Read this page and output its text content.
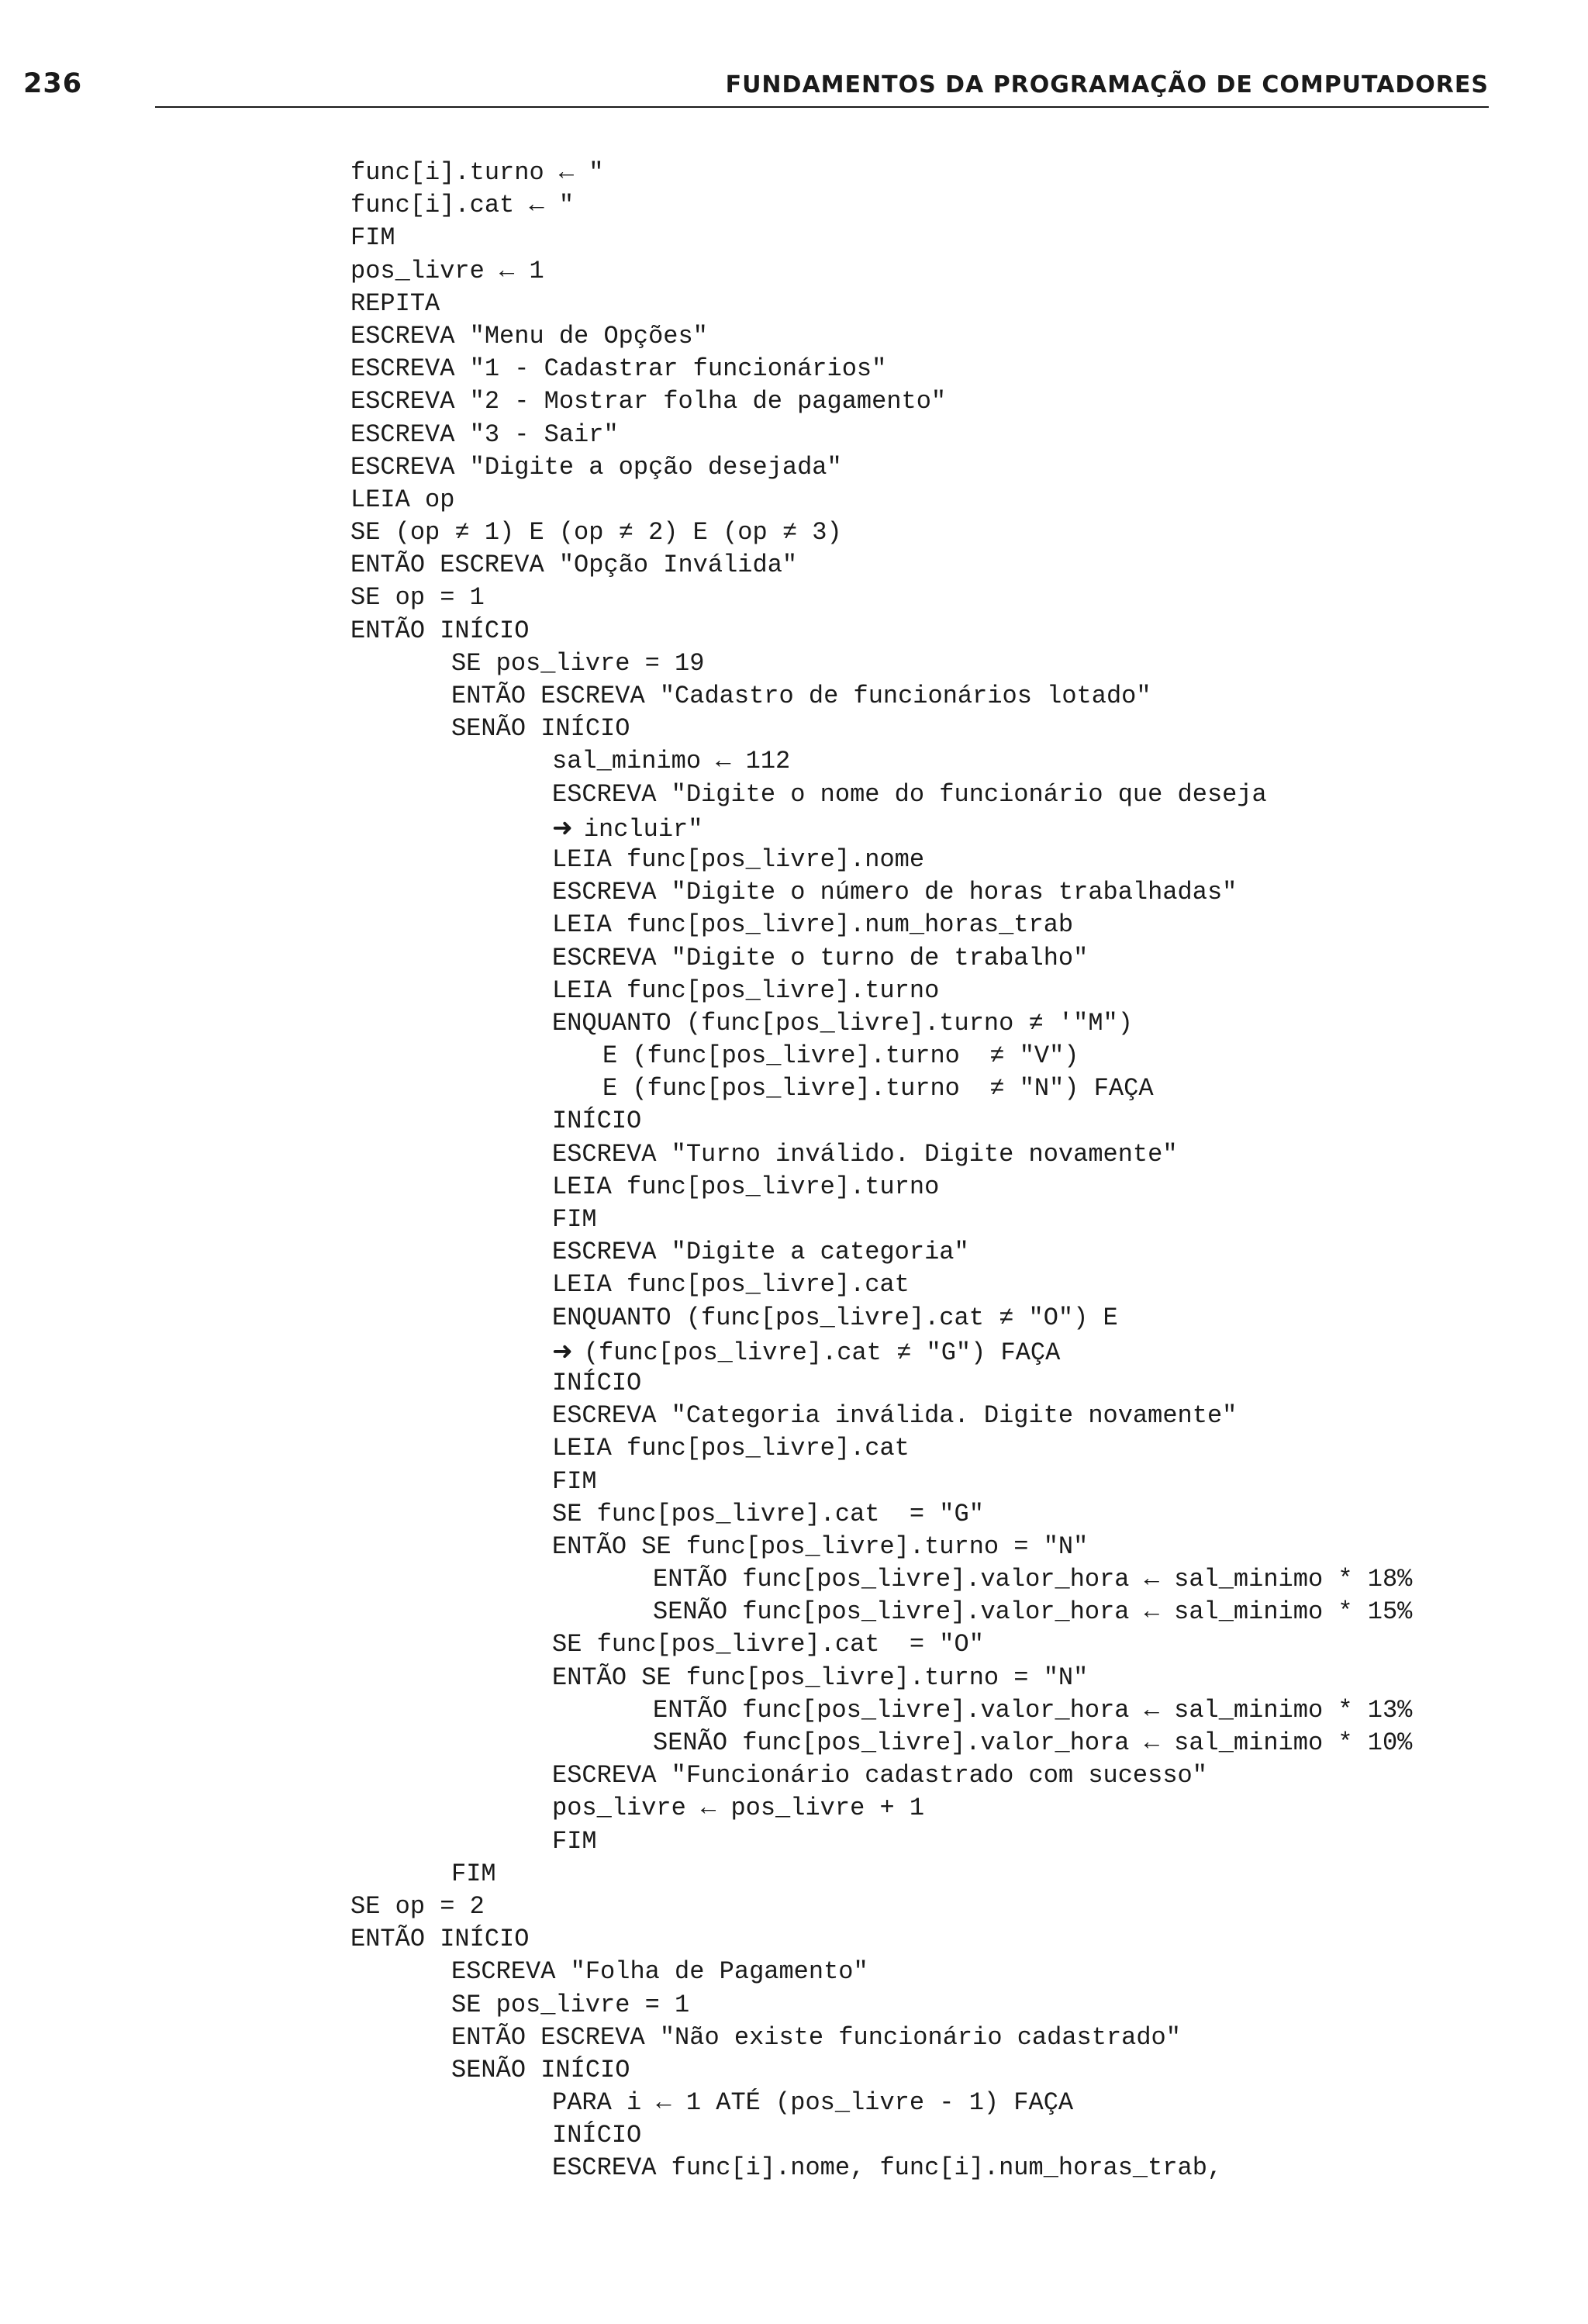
236	FUNDAMENTOS DA PROGRAMAÇÃO DE COMPUTADORES
func[i].turno ← "
func[i].cat ← "
FIM
pos_livre ← 1
REPITA
ESCREVA "Menu de Opções"
ESCREVA "1 - Cadastrar funcionários"
ESCREVA "2 - Mostrar folha de pagamento"
ESCREVA "3 - Sair"
ESCREVA "Digite a opção desejada"
LEIA op
SE (op ≠ 1) E (op ≠ 2) E (op ≠ 3)
ENTÃO ESCREVA "Opção Inválida"
SE op = 1
ENTÃO INÍCIO
SE pos_livre = 19
ENTÃO ESCREVA "Cadastro de funcionários lotado"
SENÃO INÍCIO
sal_minimo ← 112
ESCREVA "Digite o nome do funcionário que deseja
➜ incluir"
LEIA func[pos_livre].nome
ESCREVA "Digite o número de horas trabalhadas"
LEIA func[pos_livre].num_horas_trab
ESCREVA "Digite o turno de trabalho"
LEIA func[pos_livre].turno
ENQUANTO (func[pos_livre].turno ≠ '"M")
E (func[pos_livre].turno  ≠ "V")
E (func[pos_livre].turno  ≠ "N") FAÇA
INÍCIO
ESCREVA "Turno inválido. Digite novamente"
LEIA func[pos_livre].turno
FIM
ESCREVA "Digite a categoria"
LEIA func[pos_livre].cat
ENQUANTO (func[pos_livre].cat ≠ "O") E
➜ (func[pos_livre].cat ≠ "G") FAÇA
INÍCIO
ESCREVA "Categoria inválida. Digite novamente"
LEIA func[pos_livre].cat
FIM
SE func[pos_livre].cat  = "G"
ENTÃO SE func[pos_livre].turno = "N"
ENTÃO func[pos_livre].valor_hora ← sal_minimo * 18%
SENÃO func[pos_livre].valor_hora ← sal_minimo * 15%
SE func[pos_livre].cat  = "O"
ENTÃO SE func[pos_livre].turno = "N"
ENTÃO func[pos_livre].valor_hora ← sal_minimo * 13%
SENÃO func[pos_livre].valor_hora ← sal_minimo * 10%
ESCREVA "Funcionário cadastrado com sucesso"
pos_livre ← pos_livre + 1
FIM
FIM
SE op = 2
ENTÃO INÍCIO
ESCREVA "Folha de Pagamento"
SE pos_livre = 1
ENTÃO ESCREVA "Não existe funcionário cadastrado"
SENÃO INÍCIO
PARA i ← 1 ATÉ (pos_livre - 1) FAÇA
INÍCIO
ESCREVA func[i].nome, func[i].num_horas_trab,
